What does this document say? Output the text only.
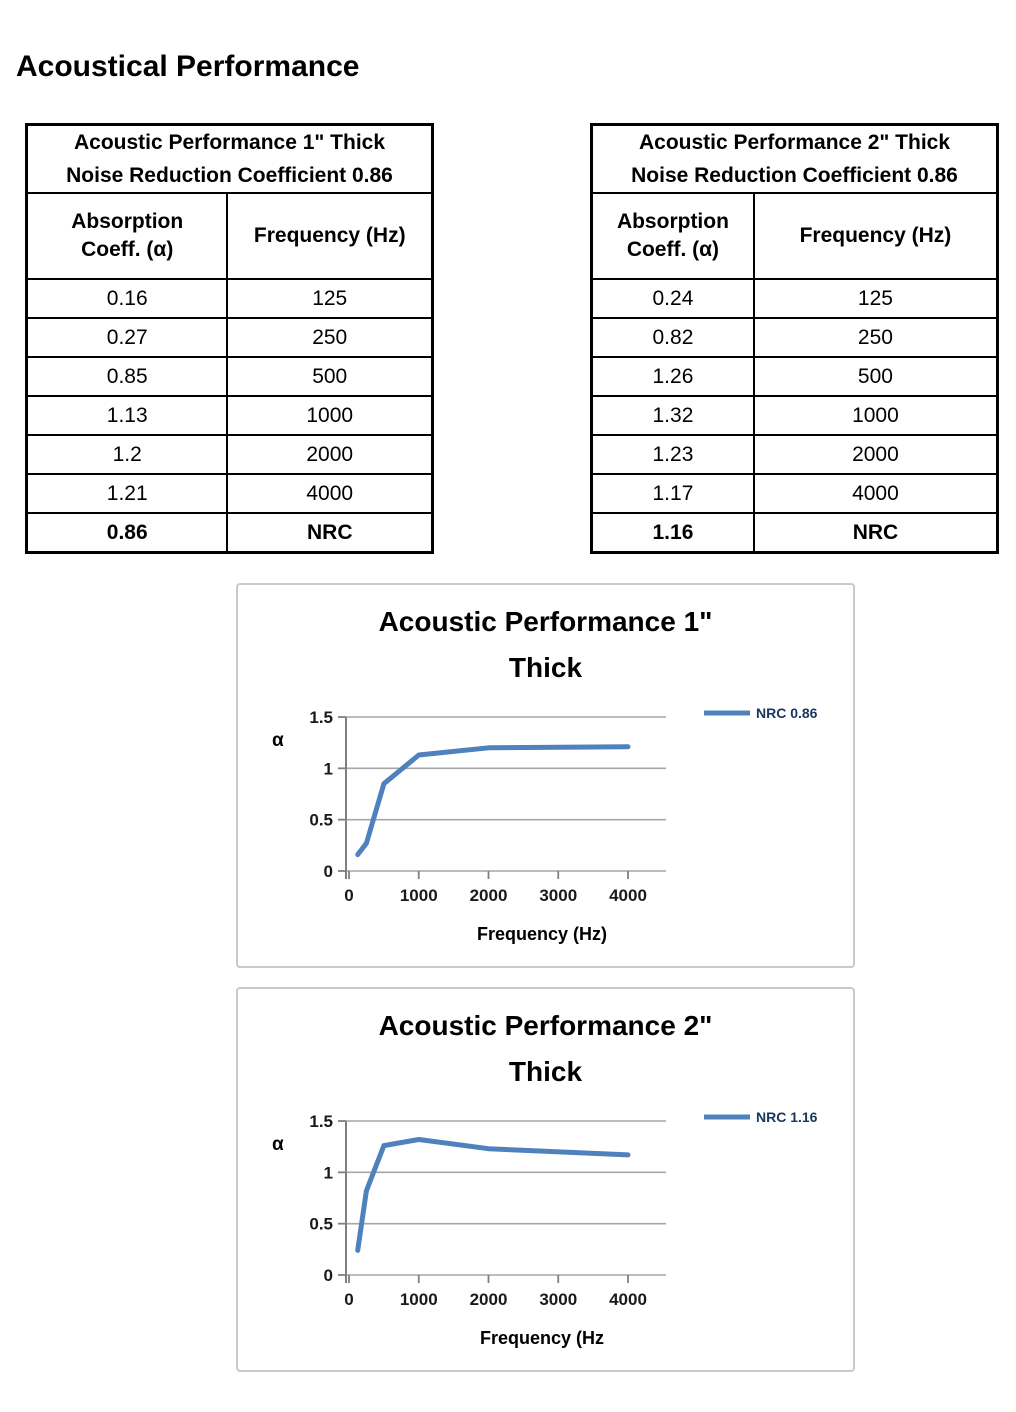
Acoustical Performance
Acoustic Performance 1" Thick
Noise Reduction Coefficient 0.86	

Absorption Coeff. (α)	Frequency (Hz)
0.16	125
0.27	250
0.85	500
1.13	1000
1.2	2000
1.21	4000
0.86	NRC
Acoustic Performance 2" Thick
Noise Reduction Coefficient 0.86	

Absorption Coeff. (α)	Frequency (Hz)
0.24	125
0.82	250
1.26	500
1.32	1000
1.23	2000
1.17	4000
1.16	NRC
Acoustic Performance 1"
Thick
0
0.5
1
1.5
0	1000 2000 3000 4000
α
Frequency (Hz)
NRC 0.86
Acoustic Performance 2"
Thick
0
0.5
1
1.5
0	1000 2000 3000 4000
α
Frequency (Hz
NRC 1.16
